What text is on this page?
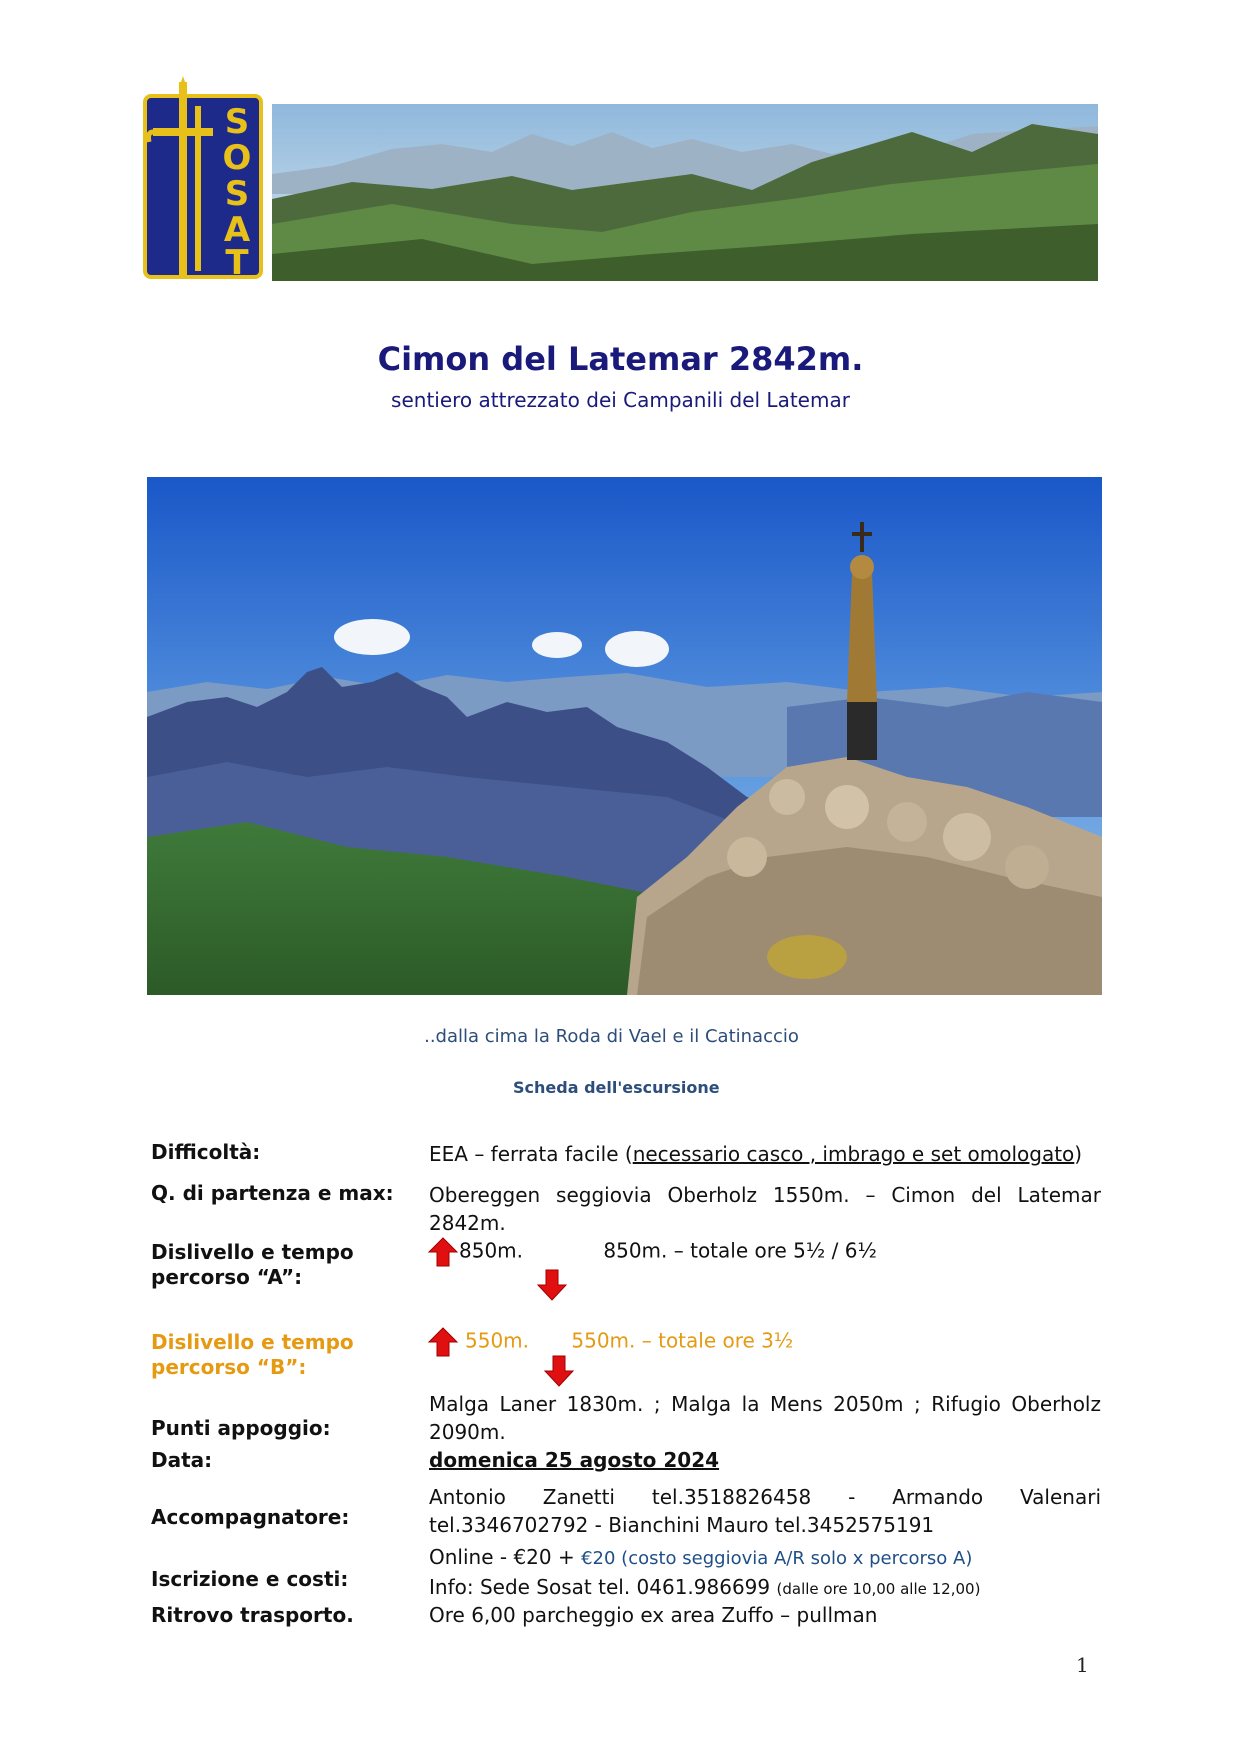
S
O
S
A
T
Cimon del Latemar 2842m.
sentiero attrezzato dei Campanili del Latemar
..dalla cima la Roda di Vael e il Catinaccio
Scheda dell'escursione
Difficoltà:	EEA – ferrata facile (necessario casco , imbrago e set omologato)
Q. di partenza e max:	Obereggen seggiovia Oberholz 1550m. – Cimon del Latemar 2842m.
Dislivello e tempo
percorso “A”:
850m.	850m. – totale ore 5½ / 6½
Dislivello e tempo
percorso “B”:
550m. 550m. – totale ore 3½
Punti appoggio:
Malga Laner 1830m. ; Malga la Mens 2050m ; Rifugio Oberholz 2090m.
Data:	domenica 25 agosto 2024
Accompagnatore:
Antonio Zanetti tel.3518826458 - Armando Valenari tel.3346702792 - Bianchini Mauro tel.3452575191
Iscrizione e costi:
Online - €20 + €20 (costo seggiovia A/R solo x percorso A)
Info: Sede Sosat tel. 0461.986699 (dalle ore 10,00 alle 12,00)
Ritrovo trasporto.	Ore 6,00 parcheggio ex area Zuffo – pullman
1
